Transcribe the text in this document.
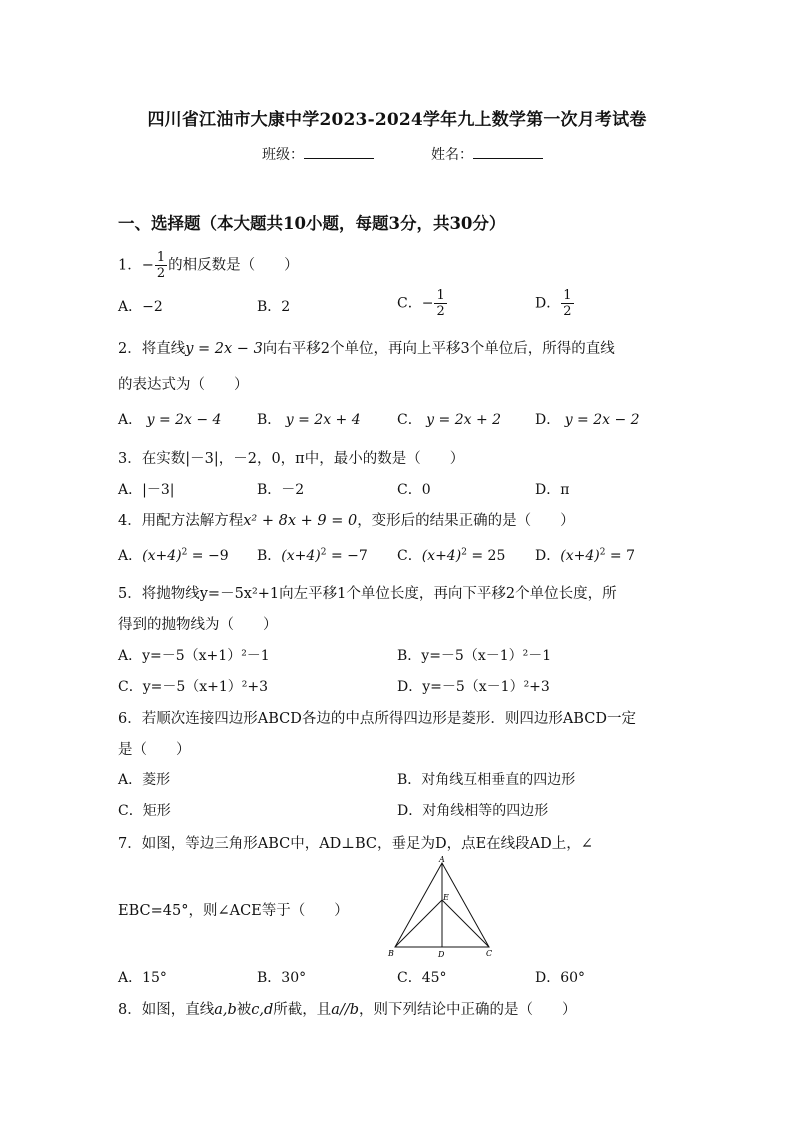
四川省江油市大康中学2023-2024学年九上数学第一次月考试卷
班级：	姓名：
一、选择题（本大题共10小题，每题3分，共30分）
1．− $\frac{1}{2}$ 的相反数是（　　）
A．−2	B．2	C．− $\frac{1}{2}$	D． $\frac{1}{2}$
2．将直线y = 2x − 3向右平移2个单位，再向上平移3个单位后，所得的直线
的表达式为（　　）
A． y = 2x − 4	B． y = 2x + 4	C． y = 2x + 2 D． y = 2x − 2
3．在实数|－3|，－2，0，π中，最小的数是（　　）
A．|－3|	B．－2	C．0	D．π
4．用配方法解方程x² + 8x + 9 = 0，变形后的结果正确的是（　　）
A．$(x+4)^2 = -9$ B．$(x+4)^2 = -7$ C．$(x+4)^2 = 25$ D．$(x+4)^2 = 7$
5．将抛物线y=－5x²+1向左平移1个单位长度，再向下平移2个单位长度，所
得到的抛物线为（　　）
A．y=－5（x+1）²－1	B．y=－5（x－1）²－1
C．y=－5（x+1）²+3	D．y=－5（x－1）²+3
6．若顺次连接四边形ABCD各边的中点所得四边形是菱形．则四边形ABCD一定
是（　　）
A．菱形	B．对角线互相垂直的四边形
C．矩形	D．对角线相等的四边形
7．如图，等边三角形ABC中，AD⊥BC，垂足为D，点E在线段AD上，∠
EBC=45°，则∠ACE等于（　　）
A
E
B	D	C
A．15°	B．30°	C．45°	D．60°
8．如图，直线a,b被c,d所截，且a//b，则下列结论中正确的是（　　）
